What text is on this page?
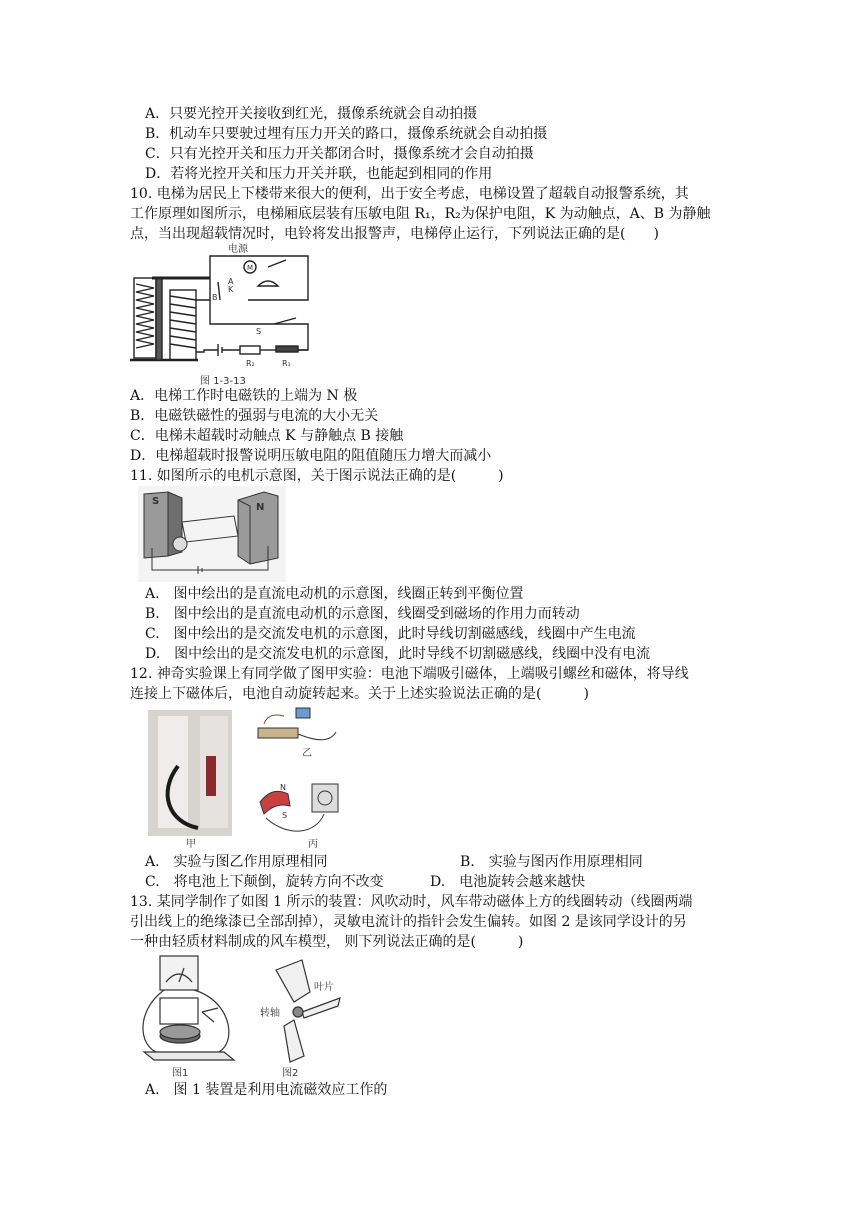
A．只要光控开关接收到红光，摄像系统就会自动拍摄
B．机动车只要驶过埋有压力开关的路口，摄像系统就会自动拍摄
C．只有光控开关和压力开关都闭合时，摄像系统才会自动拍摄
D．若将光控开关和压力开关并联，也能起到相同的作用
10. 电梯为居民上下楼带来很大的便利，出于安全考虑，电梯设置了超载自动报警系统，其
工作原理如图所示，电梯厢底层装有压敏电阻 R₁，R₂为保护电阻，K 为动触点，A、B 为静触
点，当出现超载情况时，电铃将发出报警声，电梯停止运行，下列说法正确的是(　　)
电源
M
A
K
B
S
R₂	R₁
图 1-3-13
A．电梯工作时电磁铁的上端为 N 极
B．电磁铁磁性的强弱与电流的大小无关
C．电梯未超载时动触点 K 与静触点 B 接触
D．电梯超载时报警说明压敏电阻的阻值随压力增大而减小
11. 如图所示的电机示意图，关于图示说法正确的是(　　　)
S
N
A.　图中绘出的是直流电动机的示意图，线圈正转到平衡位置
B.　图中绘出的是直流电动机的示意图，线圈受到磁场的作用力而转动
C.　图中绘出的是交流发电机的示意图，此时导线切割磁感线，线圈中产生电流
D.　图中绘出的是交流发电机的示意图，此时导线不切割磁感线，线圈中没有电流
12. 神奇实验课上有同学做了图甲实验：电池下端吸引磁体，上端吸引螺丝和磁体，将导线
连接上下磁体后，电池自动旋转起来。关于上述实验说法正确的是(　　　)
甲
乙
N
S
丙
A.　实验与图乙作用原理相同	B.　实验与图丙作用原理相同
C.　将电池上下颠倒，旋转方向不改变	D.　电池旋转会越来越快
13. 某同学制作了如图 1 所示的装置：风吹动时，风车带动磁体上方的线圈转动（线圈两端
引出线上的绝缘漆已全部刮掉），灵敏电流计的指针会发生偏转。如图 2 是该同学设计的另
一种由轻质材料制成的风车模型， 则下列说法正确的是(　　　)
叶片
转轴
图1	图2
A.　图 1 装置是利用电流磁效应工作的
